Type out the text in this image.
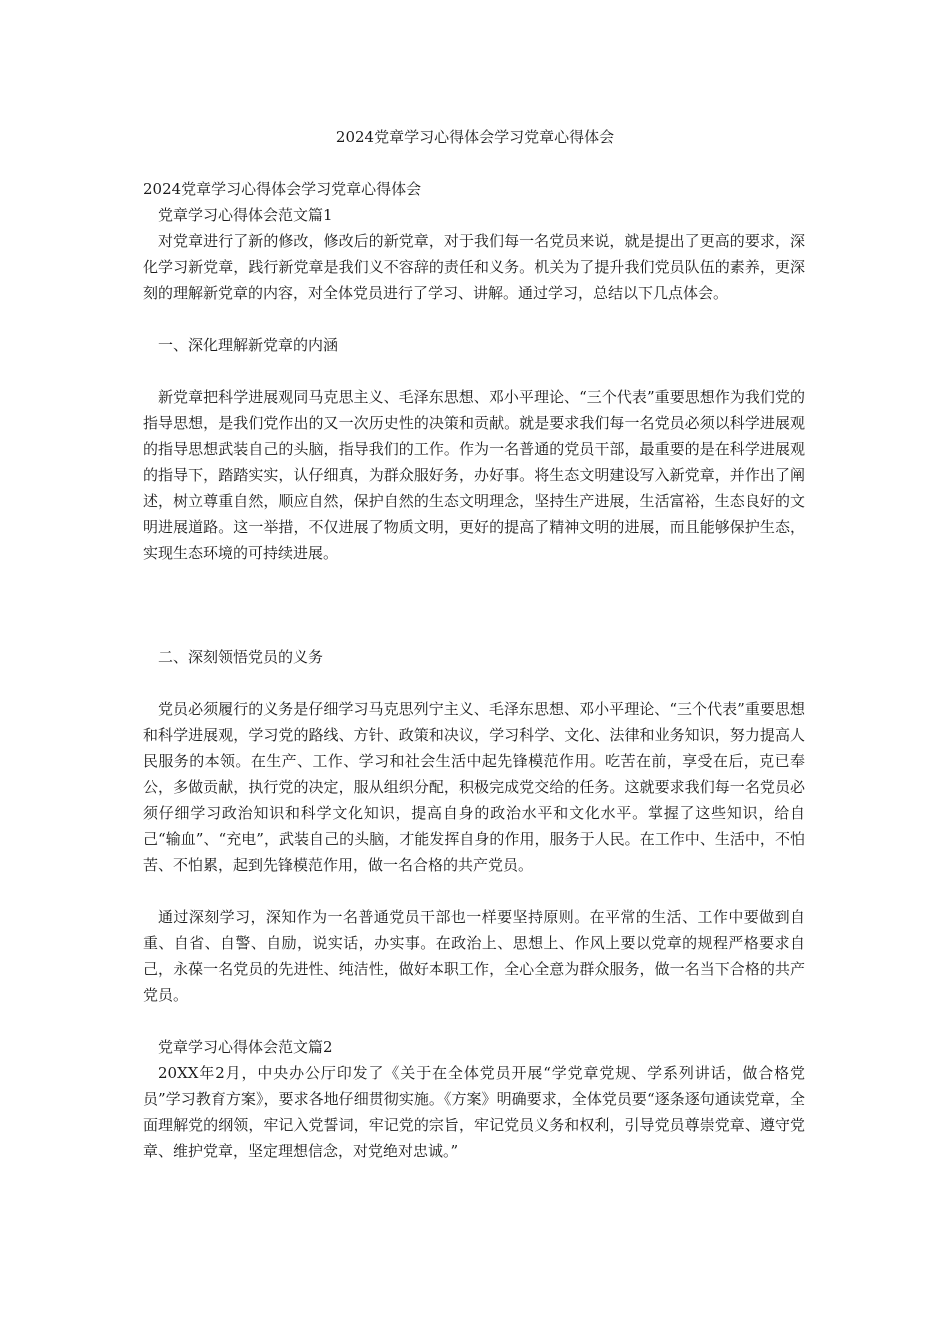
2024党章学习心得体会学习党章心得体会

2024党章学习心得体会学习党章心得体会

党章学习心得体会范文篇1

对党章进行了新的修改，修改后的新党章，对于我们每一名党员来说，就是提出了更高的要求，深化学习新党章，践行新党章是我们义不容辞的责任和义务。机关为了提升我们党员队伍的素养，更深刻的理解新党章的内容，对全体党员进行了学习、讲解。通过学习，总结以下几点体会。

一、深化理解新党章的内涵

新党章把科学进展观同马克思主义、毛泽东思想、邓小平理论、“三个代表”重要思想作为我们党的指导思想，是我们党作出的又一次历史性的决策和贡献。就是要求我们每一名党员必须以科学进展观的指导思想武装自己的头脑，指导我们的工作。作为一名普通的党员干部，最重要的是在科学进展观的指导下，踏踏实实，认仔细真，为群众服好务，办好事。将生态文明建设写入新党章，并作出了阐述，树立尊重自然，顺应自然，保护自然的生态文明理念，坚持生产进展，生活富裕，生态良好的文明进展道路。这一举措，不仅进展了物质文明，更好的提高了精神文明的进展，而且能够保护生态，实现生态环境的可持续进展。

二、深刻领悟党员的义务

党员必须履行的义务是仔细学习马克思列宁主义、毛泽东思想、邓小平理论、“三个代表”重要思想和科学进展观，学习党的路线、方针、政策和决议，学习科学、文化、法律和业务知识，努力提高人民服务的本领。在生产、工作、学习和社会生活中起先锋模范作用。吃苦在前，享受在后，克已奉公，多做贡献，执行党的决定，服从组织分配，积极完成党交给的任务。这就要求我们每一名党员必须仔细学习政治知识和科学文化知识，提高自身的政治水平和文化水平。掌握了这些知识，给自己“输血”、“充电”，武装自己的头脑，才能发挥自身的作用，服务于人民。在工作中、生活中，不怕苦、不怕累，起到先锋模范作用，做一名合格的共产党员。

通过深刻学习，深知作为一名普通党员干部也一样要坚持原则。在平常的生活、工作中要做到自重、自省、自警、自励，说实话，办实事。在政治上、思想上、作风上要以党章的规程严格要求自己，永葆一名党员的先进性、纯洁性，做好本职工作，全心全意为群众服务，做一名当下合格的共产党员。

党章学习心得体会范文篇2

20XX年2月，中央办公厅印发了《关于在全体党员开展“学党章党规、学系列讲话，做合格党员”学习教育方案》，要求各地仔细贯彻实施。《方案》明确要求，全体党员要“逐条逐句通读党章，全面理解党的纲领，牢记入党誓词，牢记党的宗旨，牢记党员义务和权利，引导党员尊崇党章、遵守党章、维护党章，坚定理想信念，对党绝对忠诚。”
